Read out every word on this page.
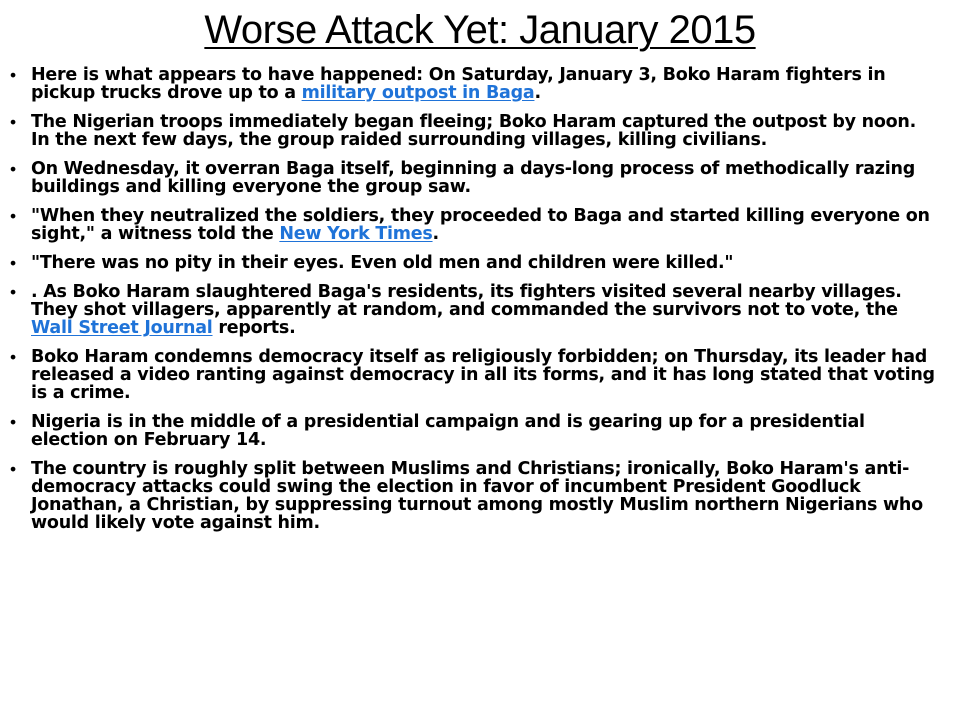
Worse Attack Yet: January 2015
• Here is what appears to have happened: On Saturday, January 3, Boko Haram fighters in pickup trucks drove up to a military outpost in Baga.
• The Nigerian troops immediately began fleeing; Boko Haram captured the outpost by noon. In the next few days, the group raided surrounding villages, killing civilians.
• On Wednesday, it overran Baga itself, beginning a days-long process of methodically razing buildings and killing everyone the group saw.
• "When they neutralized the soldiers, they proceeded to Baga and started killing everyone on sight," a witness told the New York Times.
• "There was no pity in their eyes. Even old men and children were killed."
• . As Boko Haram slaughtered Baga's residents, its fighters visited several nearby villages. They shot villagers, apparently at random, and commanded the survivors not to vote, the Wall Street Journal reports.
• Boko Haram condemns democracy itself as religiously forbidden; on Thursday, its leader had released a video ranting against democracy in all its forms, and it has long stated that voting is a crime.
• Nigeria is in the middle of a presidential campaign and is gearing up for a presidential election on February 14.
• The country is roughly split between Muslims and Christians; ironically, Boko Haram's anti-democracy attacks could swing the election in favor of incumbent President Goodluck Jonathan, a Christian, by suppressing turnout among mostly Muslim northern Nigerians who would likely vote against him.
